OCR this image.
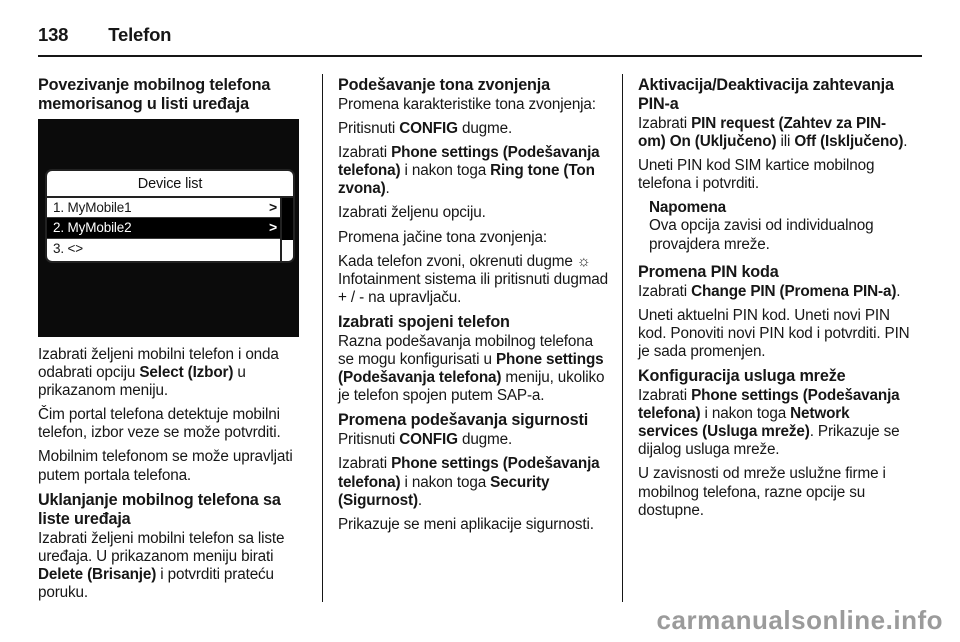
138 Telefon
Povezivanje mobilnog telefona memorisanog u listi uređaja
Device list
1. MyMobile1	>
2. MyMobile2	>
3. <>

Izabrati željeni mobilni telefon i onda odabrati opciju Select (Izbor) u prikazanom meniju.

Čim portal telefona detektuje mobilni telefon, izbor veze se može potvrditi.

Mobilnim telefonom se može upravljati putem portala telefona.

Uklanjanje mobilnog telefona sa liste uređaja

Izabrati željeni mobilni telefon sa liste uređaja. U prikazanom meniju birati Delete (Brisanje) i potvrditi prateću poruku.

Podešavanje tona zvonjenja

Promena karakteristike tona zvonjenja:

Pritisnuti CONFIG dugme.

Izabrati Phone settings (Podešavanja telefona) i nakon toga Ring tone (Ton zvona).

Izabrati željenu opciju.

Promena jačine tona zvonjenja:

Kada telefon zvoni, okrenuti dugme ☼ Infotainment sistema ili pritisnuti dugmad + / - na upravljaču.

Izabrati spojeni telefon

Razna podešavanja mobilnog telefona se mogu konfigurisati u Phone settings (Podešavanja telefona) meniju, ukoliko je telefon spojen putem SAP-a.

Promena podešavanja sigurnosti

Pritisnuti CONFIG dugme.

Izabrati Phone settings (Podešavanja telefona) i nakon toga Security (Sigurnost).

Prikazuje se meni aplikacije sigurnosti.

Aktivacija/Deaktivacija zahtevanja PIN-a

Izabrati PIN request (Zahtev za PIN-om) On (Uključeno) ili Off (Isključeno).

Uneti PIN kod SIM kartice mobilnog telefona i potvrditi.

Napomena

Ova opcija zavisi od individualnog provajdera mreže.

Promena PIN koda

Izabrati Change PIN (Promena PIN-a).

Uneti aktuelni PIN kod. Uneti novi PIN kod. Ponoviti novi PIN kod i potvrditi. PIN je sada promenjen.

Konfiguracija usluga mreže

Izabrati Phone settings (Podešavanja telefona) i nakon toga Network services (Usluga mreže). Prikazuje se dijalog usluga mreže.

U zavisnosti od mreže uslužne firme i mobilnog telefona, razne opcije su dostupne.

carmanualsonline.info
